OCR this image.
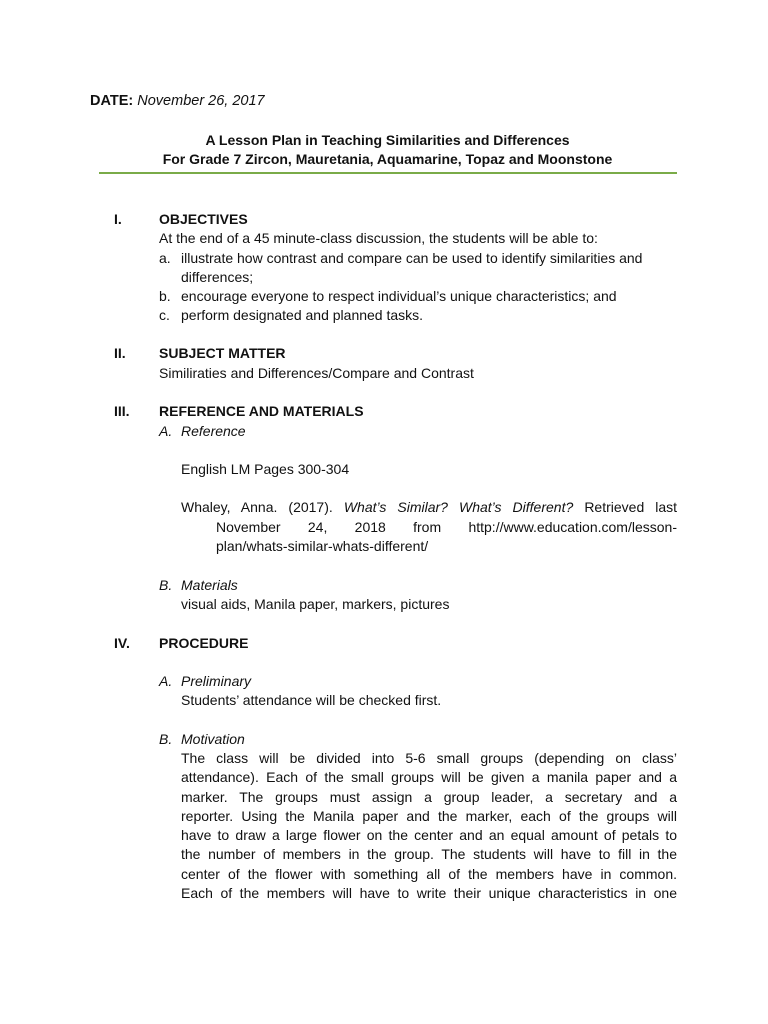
DATE: November 26, 2017
A Lesson Plan in Teaching Similarities and Differences
For Grade 7 Zircon, Mauretania, Aquamarine, Topaz and Moonstone
I.	OBJECTIVES
At the end of a 45 minute-class discussion, the students will be able to:
a. illustrate how contrast and compare can be used to identify similarities and
differences;
b. encourage everyone to respect individual’s unique characteristics; and
c. perform designated and planned tasks.
II. SUBJECT MATTER
Similiraties and Differences/Compare and Contrast
III. REFERENCE AND MATERIALS
A. Reference
English LM Pages 300-304
Whaley, Anna. (2017). What’s Similar? What’s Different? Retrieved last
November 24, 2018 from http://www.education.com/lesson-
plan/whats-similar-whats-different/
B. Materials
visual aids, Manila paper, markers, pictures
IV. PROCEDURE
A. Preliminary
Students’ attendance will be checked first.
B. Motivation
The class will be divided into 5-6 small groups (depending on class’
attendance). Each of the small groups will be given a manila paper and a
marker. The groups must assign a group leader, a secretary and a
reporter. Using the Manila paper and the marker, each of the groups will
have to draw a large flower on the center and an equal amount of petals to
the number of members in the group. The students will have to fill in the
center of the flower with something all of the members have in common.
Each of the members will have to write their unique characteristics in one
